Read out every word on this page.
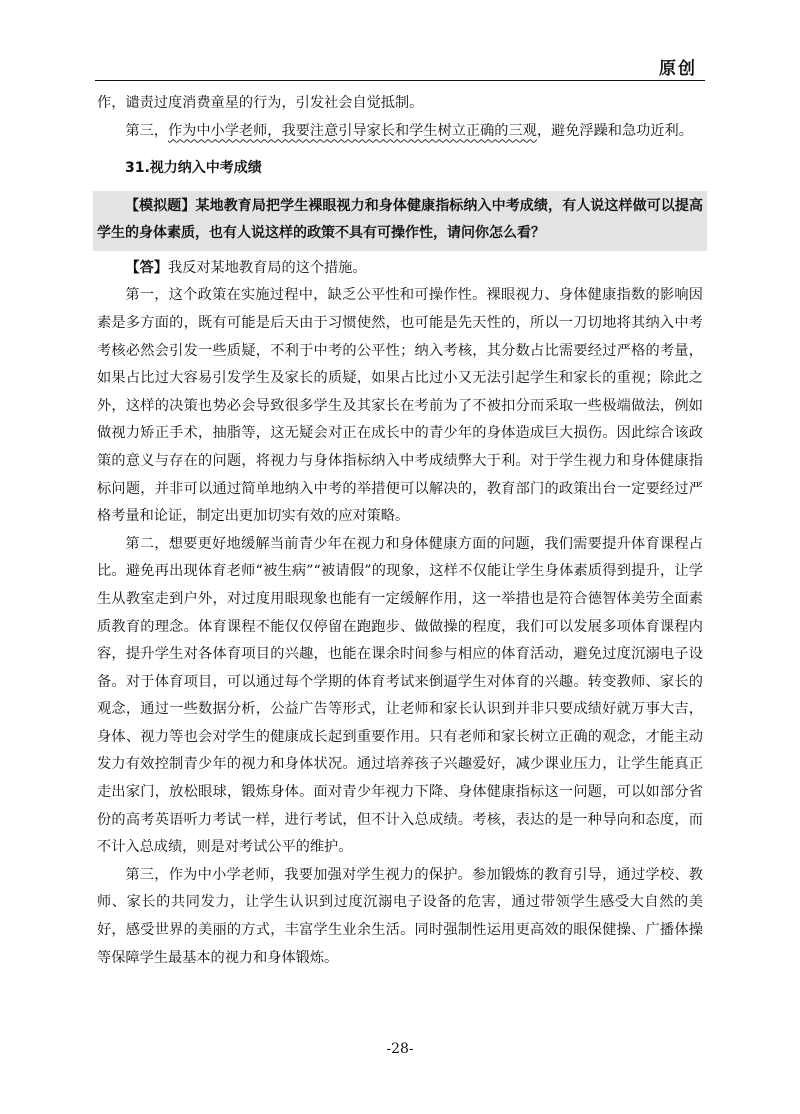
原创

作，谴责过度消费童星的行为，引发社会自觉抵制。

第三，作为中小学老师，我要注意引导家长和学生树立正确的三观，避免浮躁和急功近利。

31.视力纳入中考成绩

【模拟题】某地教育局把学生裸眼视力和身体健康指标纳入中考成绩，有人说这样做可以提高学生的身体素质，也有人说这样的政策不具有可操作性，请问你怎么看？

【答】我反对某地教育局的这个措施。

第一，这个政策在实施过程中，缺乏公平性和可操作性。裸眼视力、身体健康指数的影响因素是多方面的，既有可能是后天由于习惯使然，也可能是先天性的，所以一刀切地将其纳入中考考核必然会引发一些质疑，不利于中考的公平性；纳入考核，其分数占比需要经过严格的考量，如果占比过大容易引发学生及家长的质疑，如果占比过小又无法引起学生和家长的重视；除此之外，这样的决策也势必会导致很多学生及其家长在考前为了不被扣分而采取一些极端做法，例如做视力矫正手术，抽脂等，这无疑会对正在成长中的青少年的身体造成巨大损伤。因此综合该政策的意义与存在的问题，将视力与身体指标纳入中考成绩弊大于利。对于学生视力和身体健康指标问题，并非可以通过简单地纳入中考的举措便可以解决的，教育部门的政策出台一定要经过严格考量和论证，制定出更加切实有效的应对策略。

第二，想要更好地缓解当前青少年在视力和身体健康方面的问题，我们需要提升体育课程占比。避免再出现体育老师“被生病”“被请假”的现象，这样不仅能让学生身体素质得到提升，让学生从教室走到户外，对过度用眼现象也能有一定缓解作用，这一举措也是符合德智体美劳全面素质教育的理念。体育课程不能仅仅停留在跑跑步、做做操的程度，我们可以发展多项体育课程内容，提升学生对各体育项目的兴趣，也能在课余时间参与相应的体育活动，避免过度沉溺电子设备。对于体育项目，可以通过每个学期的体育考试来倒逼学生对体育的兴趣。转变教师、家长的观念，通过一些数据分析，公益广告等形式，让老师和家长认识到并非只要成绩好就万事大吉，身体、视力等也会对学生的健康成长起到重要作用。只有老师和家长树立正确的观念，才能主动发力有效控制青少年的视力和身体状况。通过培养孩子兴趣爱好，减少课业压力，让学生能真正走出家门，放松眼球，锻炼身体。面对青少年视力下降、身体健康指标这一问题，可以如部分省份的高考英语听力考试一样，进行考试，但不计入总成绩。考核，表达的是一种导向和态度，而不计入总成绩，则是对考试公平的维护。

第三，作为中小学老师，我要加强对学生视力的保护。参加锻炼的教育引导，通过学校、教师、家长的共同发力，让学生认识到过度沉溺电子设备的危害，通过带领学生感受大自然的美好，感受世界的美丽的方式，丰富学生业余生活。同时强制性运用更高效的眼保健操、广播体操等保障学生最基本的视力和身体锻炼。

-28-
